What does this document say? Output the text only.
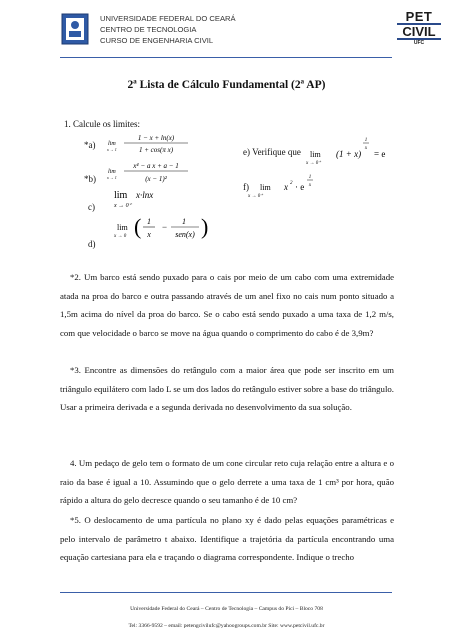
UNIVERSIDADE FEDERAL DO CEARÁ
CENTRO DE TECNOLOGIA
CURSO DE ENGENHARIA CIVIL
PET
CIVIL
UFC
2ª Lista de Cálculo Fundamental (2ª AP)
1. Calcule os limites:
*a)
*b)
c)
d)
e) Verifique que
f)
lim
x → 1
1 − x + ln(x)
1 + cos(π x)
lim
x → 1
x⁴ − a x + a − 1
(x − 1)²
lim
x → 0⁺
x·lnx
lim
x → 0 ( 1
x
−
1
sen(x) )
lim
x → 0⁺
(1 + x)
1
x
= e
lim
x → 0⁺
x 2 · e
1
x

*2. Um barco está sendo puxado para o cais por meio de um cabo com uma extremidade atada na proa do barco e outra passando através de um anel fixo no cais num ponto situado a 1,5m acima do nível da proa do barco. Se o cabo está sendo puxado a uma taxa de 1,2 m/s, com que velocidade o barco se move na água quando o comprimento do cabo é de 3,9m?

*3. Encontre as dimensões do retângulo com a maior área que pode ser inscrito em um triângulo equilátero com lado L se um dos lados do retângulo estiver sobre a base do triângulo. Usar a primeira derivada e a segunda derivada no desenvolvimento da sua solução.

4. Um pedaço de gelo tem o formato de um cone circular reto cuja relação entre a altura e o raio da base é igual a 10. Assumindo que o gelo derrete a uma taxa de 1 cm³ por hora, quão rápido a altura do gelo decresce quando o seu tamanho é de 10 cm?

*5. O deslocamento de uma partícula no plano xy é dado pelas equações paramétricas e pelo intervalo de parâmetro t abaixo. Identifique a trajetória da partícula encontrando uma equação cartesiana para ela e traçando o diagrama correspondente. Indique o trecho

Universidade Federal do Ceará – Centro de Tecnologia – Campus do Pici – Bloco 708
Tel: 3366-9592 – email: petengcivilufc@yahoogroups.com.br Site: www.petcivil.ufc.br
